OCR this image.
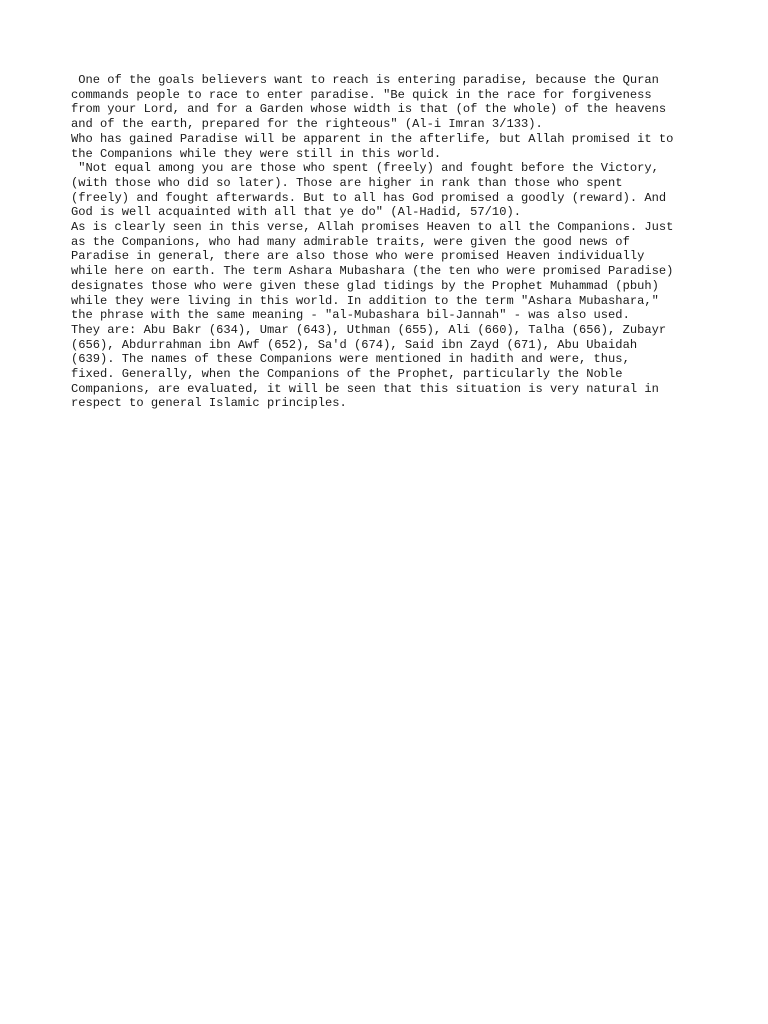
One of the goals believers want to reach is entering paradise, because the Quran
commands people to race to enter paradise. "Be quick in the race for forgiveness
from your Lord, and for a Garden whose width is that (of the whole) of the heavens
and of the earth, prepared for the righteous" (Al-i Imran 3/133).

Who has gained Paradise will be apparent in the afterlife, but Allah promised it to
the Companions while they were still in this world.

"Not equal among you are those who spent (freely) and fought before the Victory,
(with those who did so later). Those are higher in rank than those who spent
(freely) and fought afterwards. But to all has God promised a goodly (reward). And
God is well acquainted with all that ye do" (Al-Hadid, 57/10).

As is clearly seen in this verse, Allah promises Heaven to all the Companions. Just
as the Companions, who had many admirable traits, were given the good news of
Paradise in general, there are also those who were promised Heaven individually
while here on earth. The term Ashara Mubashara (the ten who were promised Paradise)
designates those who were given these glad tidings by the Prophet Muhammad (pbuh)
while they were living in this world. In addition to the term "Ashara Mubashara,"
the phrase with the same meaning - "al-Mubashara bil-Jannah" - was also used.

They are: Abu Bakr (634), Umar (643), Uthman (655), Ali (660), Talha (656), Zubayr
(656), Abdurrahman ibn Awf (652), Sa'd (674), Said ibn Zayd (671), Abu Ubaidah
(639). The names of these Companions were mentioned in hadith and were, thus,
fixed. Generally, when the Companions of the Prophet, particularly the Noble
Companions, are evaluated, it will be seen that this situation is very natural in
respect to general Islamic principles.
